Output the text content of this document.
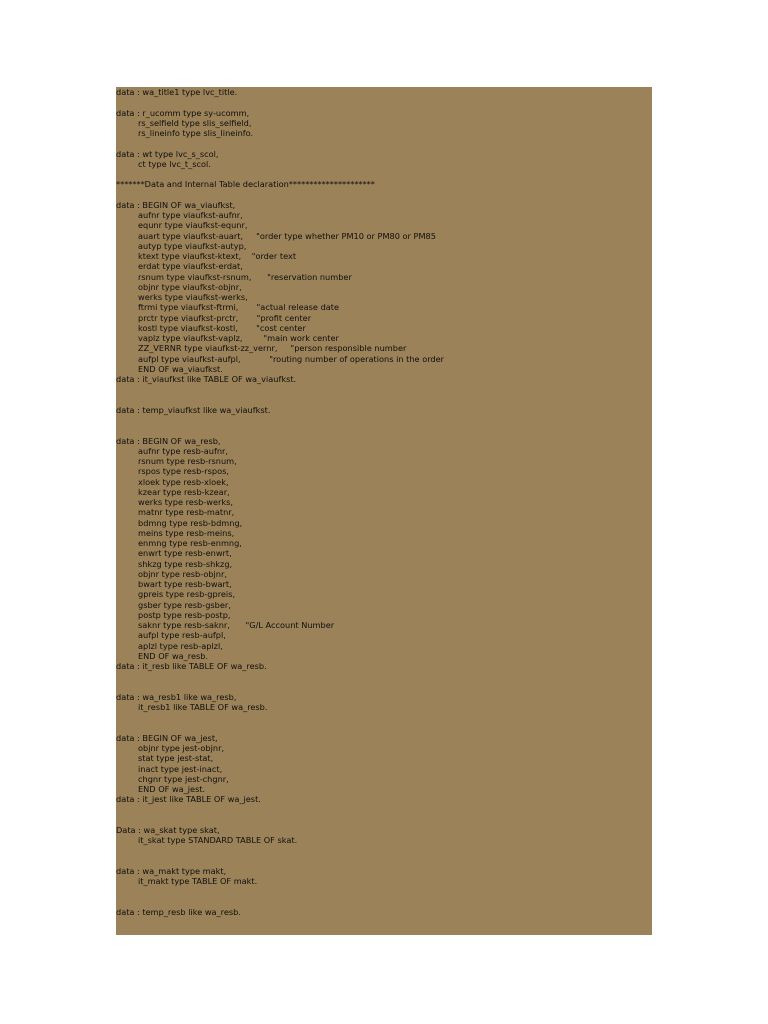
data : wa_title1 type lvc_title.
data : r_ucomm type sy-ucomm,
rs_selfield type slis_selfield,
rs_lineinfo type slis_lineinfo.
data : wt type lvc_s_scol,
ct type lvc_t_scol.
*******Data and Internal Table declaration*********************
data : BEGIN OF wa_viaufkst,
aufnr type viaufkst-aufnr,
equnr type viaufkst-equnr,
auart type viaufkst-auart,     "order type whether PM10 or PM80 or PM85
autyp type viaufkst-autyp,
ktext type viaufkst-ktext,    "order text
erdat type viaufkst-erdat,
rsnum type viaufkst-rsnum,      "reservation number
objnr type viaufkst-objnr,
werks type viaufkst-werks,
ftrmi type viaufkst-ftrmi,       "actual release date
prctr type viaufkst-prctr,       "profit center
kostl type viaufkst-kostl,       "cost center
vaplz type viaufkst-vaplz,        "main work center
ZZ_VERNR type viaufkst-zz_vernr,     "person responsible number
aufpl type viaufkst-aufpl,           "routing number of operations in the order
END OF wa_viaufkst.
data : it_viaufkst like TABLE OF wa_viaufkst.
data : temp_viaufkst like wa_viaufkst.
data : BEGIN OF wa_resb,
aufnr type resb-aufnr,
rsnum type resb-rsnum,
rspos type resb-rspos,
xloek type resb-xloek,
kzear type resb-kzear,
werks type resb-werks,
matnr type resb-matnr,
bdmng type resb-bdmng,
meins type resb-meins,
enmng type resb-enmng,
enwrt type resb-enwrt,
shkzg type resb-shkzg,
objnr type resb-objnr,
bwart type resb-bwart,
gpreis type resb-gpreis,
gsber type resb-gsber,
postp type resb-postp,
saknr type resb-saknr,      "G/L Account Number
aufpl type resb-aufpl,
aplzl type resb-aplzl,
END OF wa_resb.
data : it_resb like TABLE OF wa_resb.
data : wa_resb1 like wa_resb,
it_resb1 like TABLE OF wa_resb.
data : BEGIN OF wa_jest,
objnr type jest-objnr,
stat type jest-stat,
inact type jest-inact,
chgnr type jest-chgnr,
END OF wa_jest.
data : it_jest like TABLE OF wa_jest.
Data : wa_skat type skat,
it_skat type STANDARD TABLE OF skat.
data : wa_makt type makt,
it_makt type TABLE OF makt.
data : temp_resb like wa_resb.
